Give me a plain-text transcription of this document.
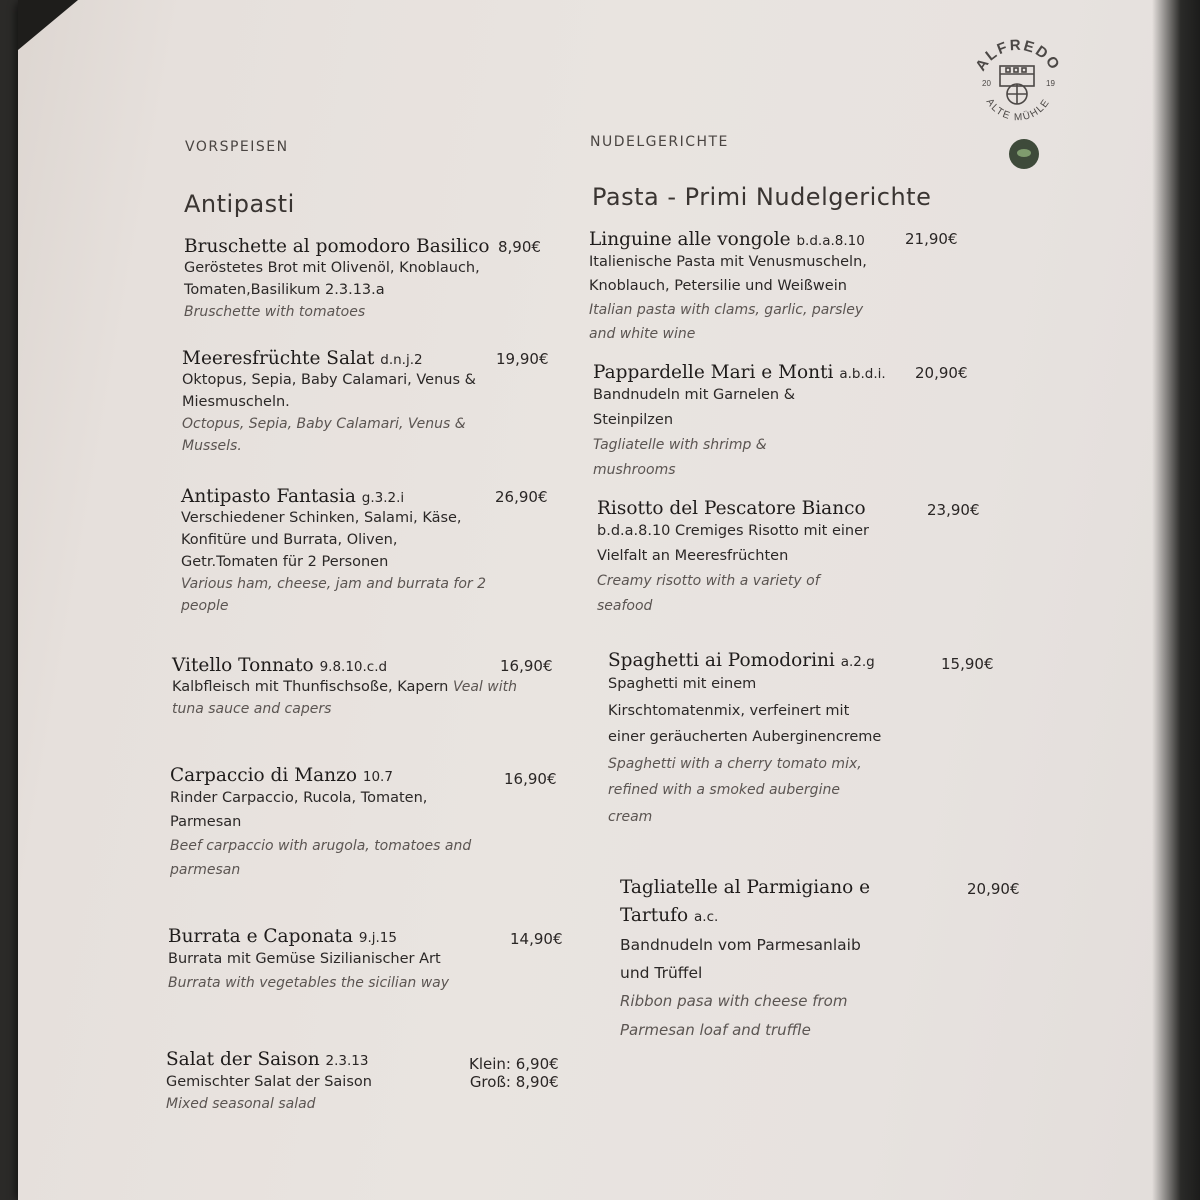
ALFREDO
ALTE MÜHLE
20	19
VORSPEISEN
Antipasti
Bruschette al pomodoro Basilico 8,90€
Geröstetes Brot mit Olivenöl, Knoblauch,
Tomaten,Basilikum 2.3.13.a
Bruschette with tomatoes
Meeresfrüchte Salat d.n.j.2	19,90€
Oktopus, Sepia, Baby Calamari, Venus &
Miesmuscheln.
Octopus, Sepia, Baby Calamari, Venus &
Mussels.
Antipasto Fantasia g.3.2.i	26,90€
Verschiedener Schinken, Salami, Käse,
Konfitüre und Burrata, Oliven,
Getr.Tomaten für 2 Personen
Various ham, cheese, jam and burrata for 2
people
Vitello Tonnato 9.8.10.c.d	16,90€
Kalbfleisch mit Thunfischsoße, Kapern Veal with
tuna sauce and capers
Carpaccio di Manzo 10.7	16,90€
Rinder Carpaccio, Rucola, Tomaten,
Parmesan
Beef carpaccio with arugola, tomatoes and
parmesan
Burrata e Caponata 9.j.15	14,90€
Burrata mit Gemüse Sizilianischer Art
Burrata with vegetables the sicilian way
Salat der Saison 2.3.13	Klein: 6,90€
Groß: 8,90€
Gemischter Salat der Saison
Mixed seasonal salad
NUDELGERICHTE
Pasta - Primi Nudelgerichte
Linguine alle vongole b.d.a.8.10	21,90€
Italienische Pasta mit Venusmuscheln,
Knoblauch, Petersilie und Weißwein
Italian pasta with clams, garlic, parsley
and white wine
Pappardelle Mari e Monti a.b.d.i.	20,90€
Bandnudeln mit Garnelen &
Steinpilzen
Tagliatelle with shrimp &
mushrooms
Risotto del Pescatore Bianco	23,90€
b.d.a.8.10 Cremiges Risotto mit einer
Vielfalt an Meeresfrüchten
Creamy risotto with a variety of
seafood
Spaghetti ai Pomodorini a.2.g	15,90€
Spaghetti mit einem
Kirschtomatenmix, verfeinert mit
einer geräucherten Auberginencreme
Spaghetti with a cherry tomato mix,
refined with a smoked aubergine
cream
Tagliatelle al Parmigiano e
Tartufo a.c.
20,90€
Bandnudeln vom Parmesanlaib
und Trüffel
Ribbon pasa with cheese from
Parmesan loaf and truffle
